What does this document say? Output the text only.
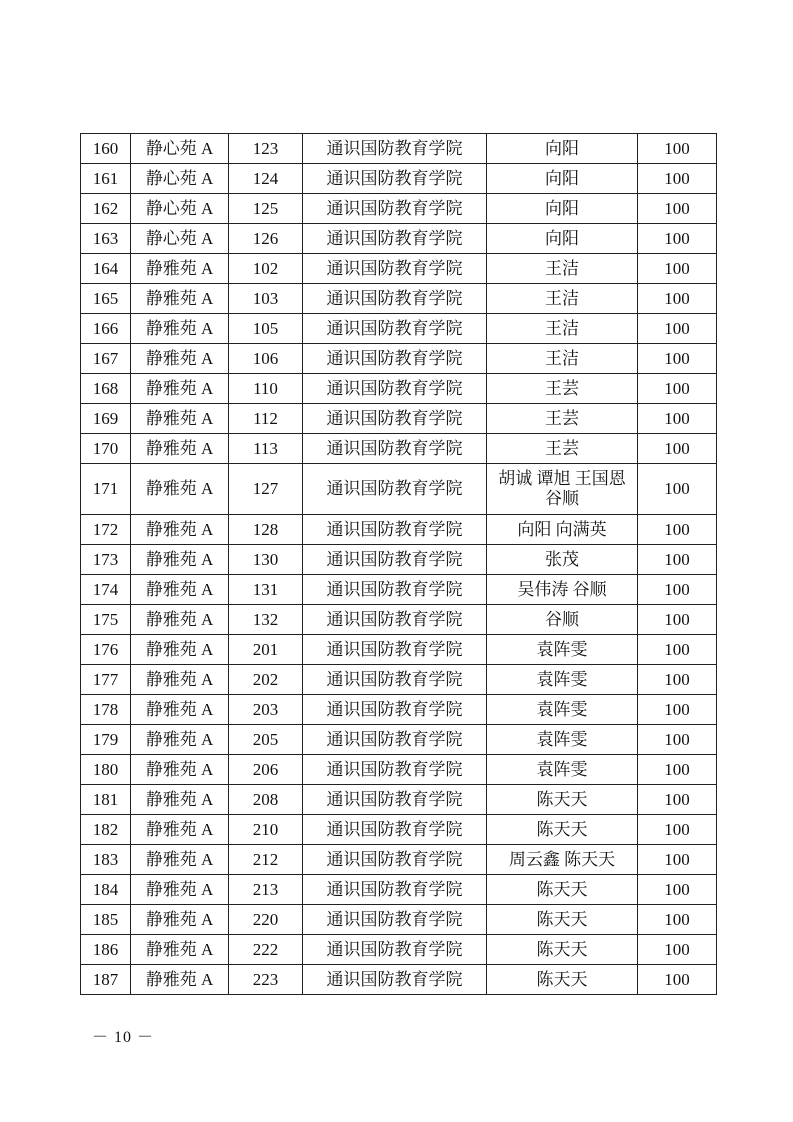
160	静心苑 A	123	通识国防教育学院	向阳	100
161	静心苑 A	124	通识国防教育学院	向阳	100
162	静心苑 A	125	通识国防教育学院	向阳	100
163	静心苑 A	126	通识国防教育学院	向阳	100
164	静雅苑 A	102	通识国防教育学院	王洁	100
165	静雅苑 A	103	通识国防教育学院	王洁	100
166	静雅苑 A	105	通识国防教育学院	王洁	100
167	静雅苑 A	106	通识国防教育学院	王洁	100
168	静雅苑 A	110	通识国防教育学院	王芸	100
169	静雅苑 A	112	通识国防教育学院	王芸	100
170	静雅苑 A	113	通识国防教育学院	王芸	100
171	静雅苑 A	127	通识国防教育学院	胡诚 谭旭 王国恩 谷顺	100
172	静雅苑 A	128	通识国防教育学院	向阳 向满英	100
173	静雅苑 A	130	通识国防教育学院	张茂	100
174	静雅苑 A	131	通识国防教育学院	吴伟涛 谷顺	100
175	静雅苑 A	132	通识国防教育学院	谷顺	100
176	静雅苑 A	201	通识国防教育学院	袁阵雯	100
177	静雅苑 A	202	通识国防教育学院	袁阵雯	100
178	静雅苑 A	203	通识国防教育学院	袁阵雯	100
179	静雅苑 A	205	通识国防教育学院	袁阵雯	100
180	静雅苑 A	206	通识国防教育学院	袁阵雯	100
181	静雅苑 A	208	通识国防教育学院	陈天天	100
182	静雅苑 A	210	通识国防教育学院	陈天天	100
183	静雅苑 A	212	通识国防教育学院	周云鑫 陈天天	100
184	静雅苑 A	213	通识国防教育学院	陈天天	100
185	静雅苑 A	220	通识国防教育学院	陈天天	100
186	静雅苑 A	222	通识国防教育学院	陈天天	100
187	静雅苑 A	223	通识国防教育学院	陈天天	100
－ 10 －
